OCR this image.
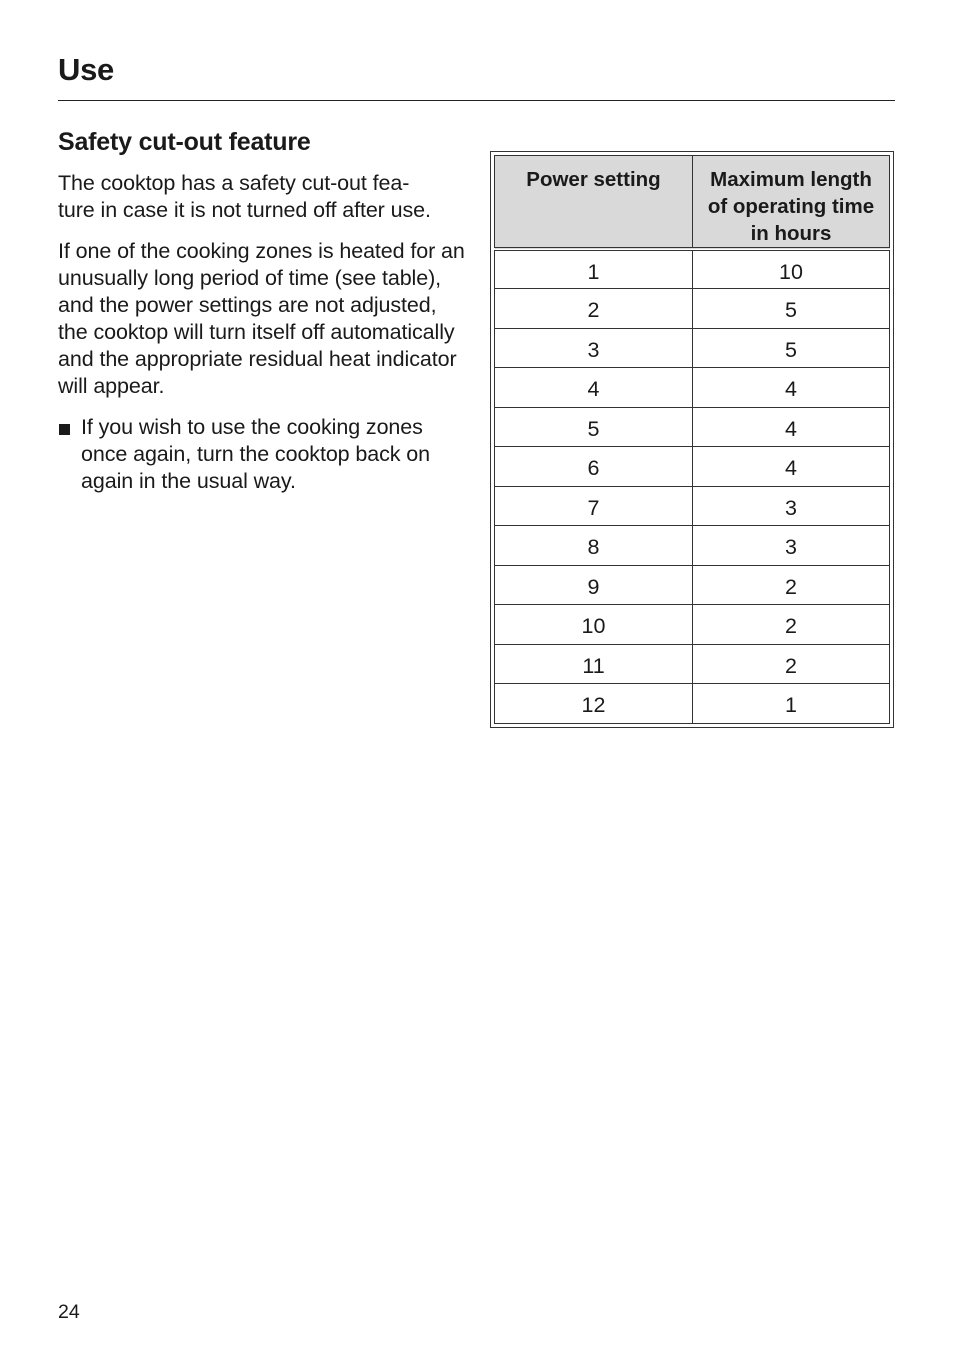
Use
Safety cut-out feature

The cooktop has a safety cut-out fea-
ture in case it is not turned off after use.

If one of the cooking zones is heated for an unusually long period of time (see table), and the power settings are not adjusted, the cooktop will turn itself off automatically and the appropriate residual heat indicator will appear.

If you wish to use the cooking zones once again, turn the cooktop back on again in the usual way.
Power setting	Maximum length
of operating time
in hours
1	10
2	5
3	5
4	4
5	4
6	4
7	3
8	3
9	2
10	2
11	2
12	1
24
